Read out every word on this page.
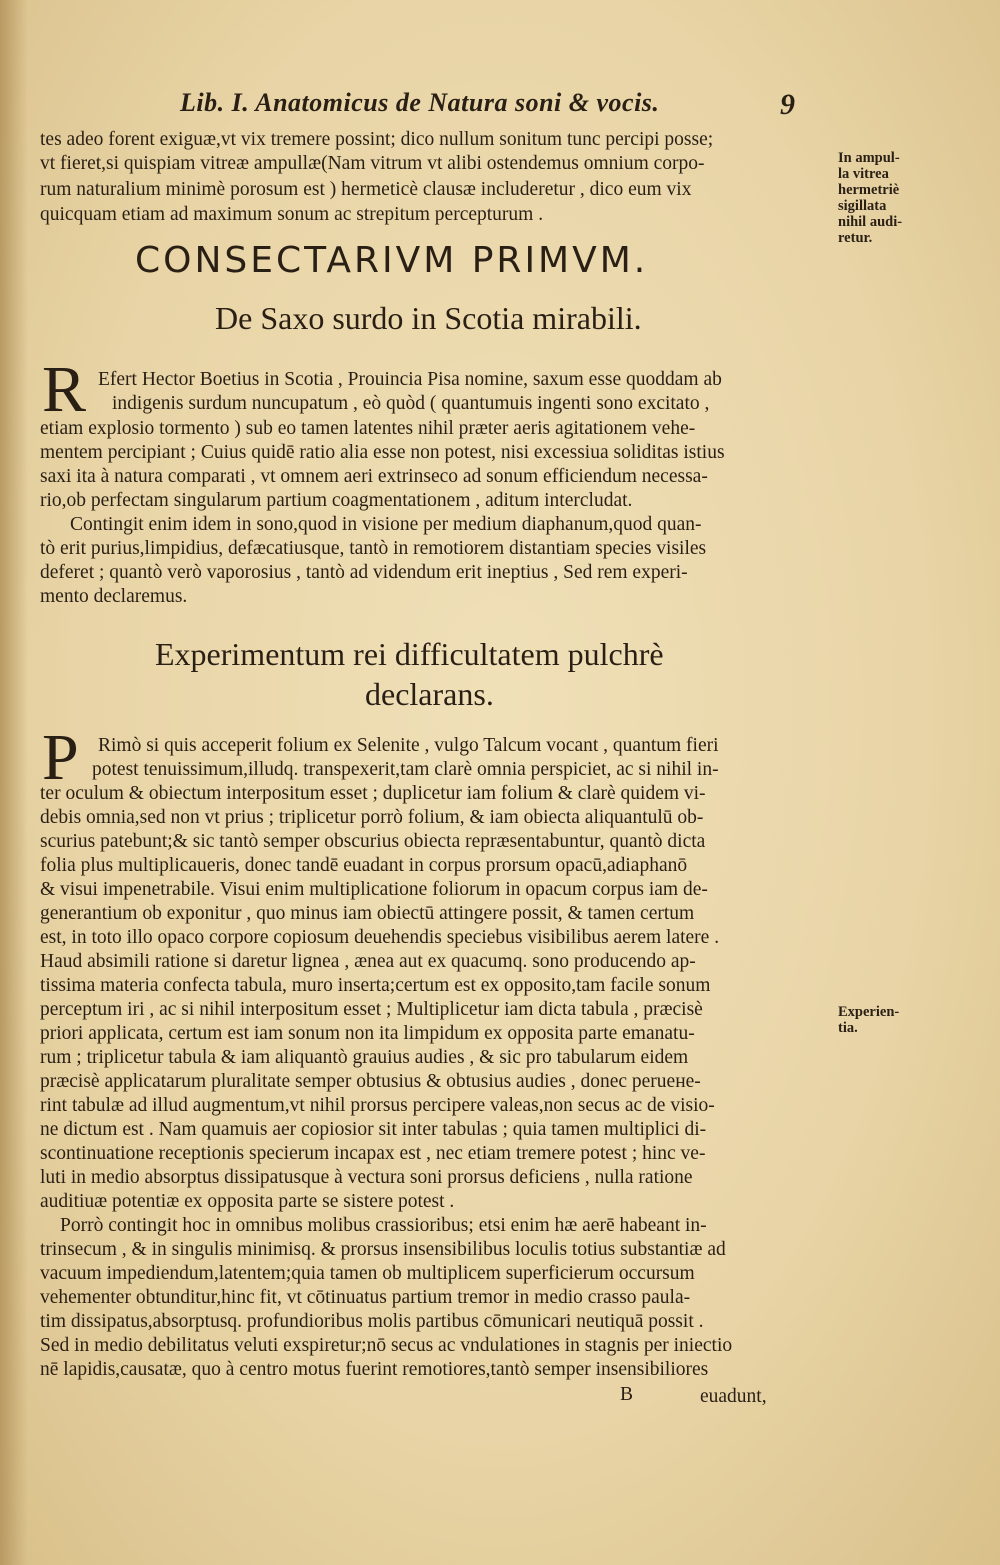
Lib. I. Anatomicus de Natura soni & vocis.	9
tes adeo forent exiguæ,vt vix tremere possint; dico nullum sonitum tunc percipi posse;
vt fieret,si quispiam vitreæ ampullæ(Nam vitrum vt alibi ostendemus omnium corpo-
rum naturalium minimè porosum est ) hermeticè clausæ includeretur , dico eum vix
quicquam etiam ad maximum sonum ac strepitum percepturum .
In ampul-
la vitrea
hermetriè
sigillata
nihil audi-
retur.
CONSECTARIVM PRIMVM.
De Saxo surdo in Scotia mirabili.
R Efert Hector Boetius in Scotia , Prouincia Pisa nomine, saxum esse quoddam ab
indigenis surdum nuncupatum , eò quòd ( quantumuis ingenti sono excitato ,
etiam explosio tormento ) sub eo tamen latentes nihil præter aeris agitationem vehe-
mentem percipiant ; Cuius quidē ratio alia esse non potest, nisi excessiua soliditas istius
saxi ita à natura comparati , vt omnem aeri extrinseco ad sonum efficiendum necessa-
rio,ob perfectam singularum partium coagmentationem , aditum intercludat.
Contingit enim idem in sono,quod in visione per medium diaphanum,quod quan-
tò erit purius,limpidius, defæcatiusque, tantò in remotiorem distantiam species visiles
deferet ; quantò verò vaporosius , tantò ad videndum erit ineptius , Sed rem experi-
mento declaremus.
Experimentum rei difficultatem pulchrè
declarans.
P Rimò si quis acceperit folium ex Selenite , vulgo Talcum vocant , quantum fieri
potest tenuissimum,illudq. transpexerit,tam clarè omnia perspiciet, ac si nihil in-
ter oculum & obiectum interpositum esset ; duplicetur iam folium & clarè quidem vi-
debis omnia,sed non vt prius ; triplicetur porrò folium, & iam obiecta aliquantulū ob-
scurius patebunt;& sic tantò semper obscurius obiecta repræsentabuntur, quantò dicta
folia plus multiplicaueris, donec tandē euadant in corpus prorsum opacū,adiaphanō
& visui impenetrabile. Visui enim multiplicatione foliorum in opacum corpus iam de-
generantium ob exponitur , quo minus iam obiectū attingere possit, & tamen certum
est, in toto illo opaco corpore copiosum deuehendis speciebus visibilibus aerem latere .
Haud absimili ratione si daretur lignea , ænea aut ex quacumq. sono producendo ap-
tissima materia confecta tabula, muro inserta;certum est ex opposito,tam facile sonum
perceptum iri , ac si nihil interpositum esset ; Multiplicetur iam dicta tabula , præcisè
priori applicata, certum est iam sonum non ita limpidum ex opposita parte emanatu-
rum ; triplicetur tabula & iam aliquantò grauius audies , & sic pro tabularum eidem
præcisè applicatarum pluralitate semper obtusius & obtusius audies , donec perueне-
rint tabulæ ad illud augmentum,vt nihil prorsus percipere valeas,non secus ac de visio-
ne dictum est . Nam quamuis aer copiosior sit inter tabulas ; quia tamen multiplici di-
scontinuatione receptionis specierum incapax est , nec etiam tremere potest ; hinc ve-
luti in medio absorptus dissipatusque à vectura soni prorsus deficiens , nulla ratione
auditiuæ potentiæ ex opposita parte se sistere potest .
Porrò contingit hoc in omnibus molibus crassioribus; etsi enim hæ aerē habeant in-
trinsecum , & in singulis minimisq. & prorsus insensibilibus loculis totius substantiæ ad
vacuum impediendum,latentem;quia tamen ob multiplicem superficierum occursum
vehementer obtunditur,hinc fit, vt cōtinuatus partium tremor in medio crasso paula-
tim dissipatus,absorptusq. profundioribus molis partibus cōmunicari neutiquā possit .
Sed in medio debilitatus veluti exspiretur;nō secus ac vndulationes in stagnis per iniectio
nē lapidis,causatæ, quo à centro motus fuerint remotiores,tantò semper insensibiliores
Experien-
tia.
B	euadunt,
